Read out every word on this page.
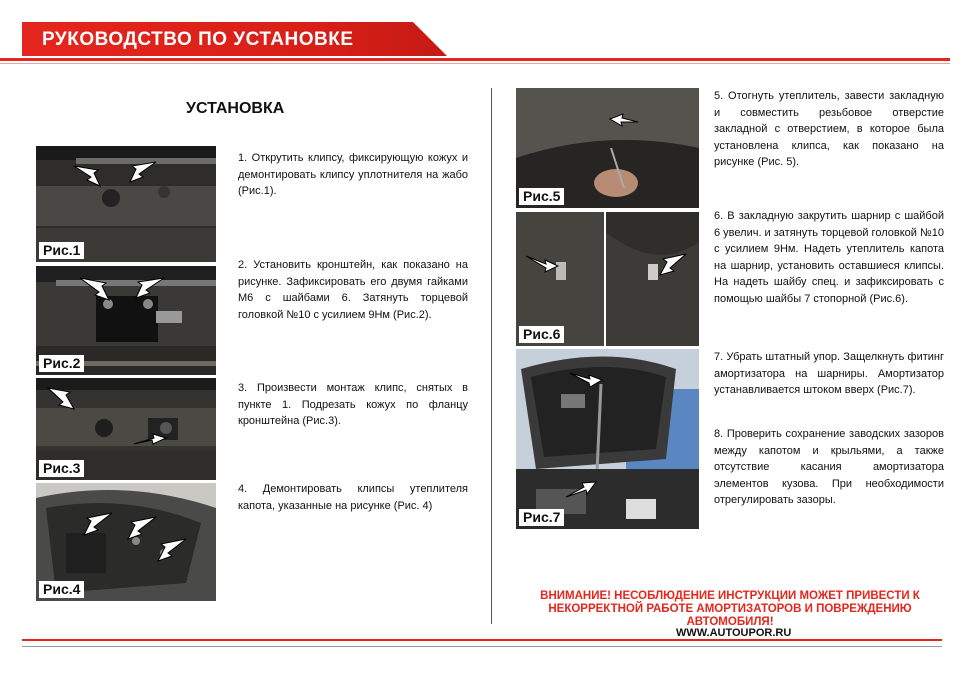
РУКОВОДСТВО ПО УСТАНОВКЕ
УСТАНОВКА
Рис.1
Рис.2
Рис.3
Рис.4
1. Открутить клипсу, фиксирующую кожух и демонтировать клипсу уплотнителя на жабо (Рис.1).
2. Установить кронштейн, как показано на рисунке. Зафиксировать его двумя гайками М6 с шайбами 6. Затянуть торцевой головкой №10 с усилием 9Нм (Рис.2).
3. Произвести монтаж клипс, снятых в пункте 1. Подрезать кожух по фланцу кронштейна (Рис.3).
4. Демонтировать клипсы утеплителя капота, указанные на рисунке (Рис. 4)
Рис.5
Рис.6
Рис.7
5. Отогнуть утеплитель, завести закладную и совместить резьбовое отверстие закладной с отверстием, в которое была установлена клипса, как показано на рисунке (Рис. 5).
6. В закладную закрутить шарнир с шайбой 6 увелич. и затянуть торцевой головкой №10 с усилием 9Нм. Надеть утеплитель капота на шарнир, установить оставшиеся клипсы. На надеть шайбу спец. и зафиксировать с помощью шайбы 7 стопорной (Рис.6).
7. Убрать штатный упор. Защелкнуть фитинг амортизатора на шарниры. Амортизатор устанавливается штоком вверх (Рис.7).
8. Проверить сохранение заводских зазоров между капотом и крыльями, а также отсутствие касания амортизатора элементов кузова. При необходимости отрегулировать зазоры.
ВНИМАНИЕ! НЕСОБЛЮДЕНИЕ ИНСТРУКЦИИ МОЖЕТ ПРИВЕСТИ К НЕКОРРЕКТНОЙ РАБОТЕ АМОРТИЗАТОРОВ И ПОВРЕЖДЕНИЮ АВТОМОБИЛЯ!
WWW.AUTOUPOR.RU
